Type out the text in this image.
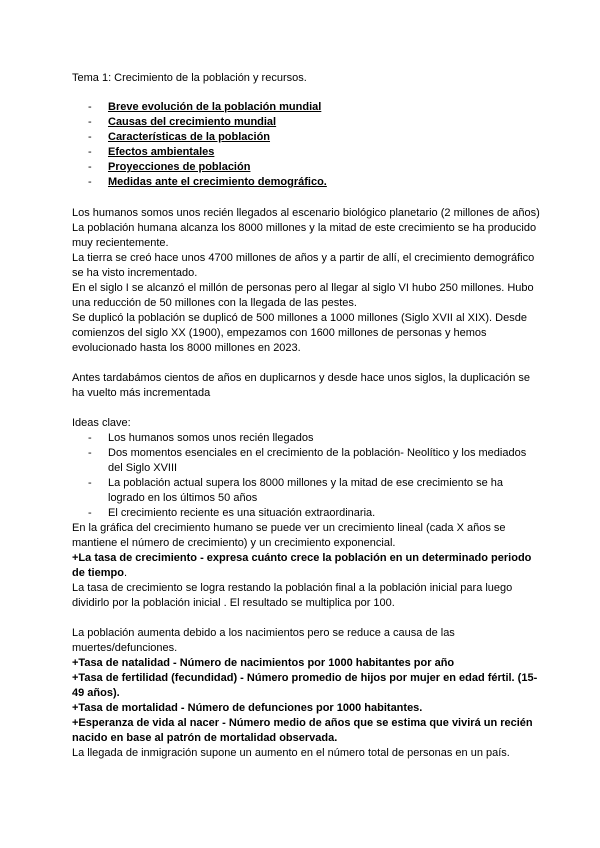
Tema 1: Crecimiento de la población y recursos.

- Breve evolución de la población mundial
- Causas del crecimiento mundial
- Características de la población
- Efectos ambientales
- Proyecciones de población
- Medidas ante el crecimiento demográfico.

Los humanos somos unos recién llegados al escenario biológico planetario (2 millones de años)

La población humana alcanza los 8000 millones y la mitad de este crecimiento se ha producido muy recientemente.

La tierra se creó hace unos 4700 millones de años y a partir de allí, el crecimiento demográfico se ha visto incrementado.

En el siglo I se alcanzó el millón de personas pero al llegar al siglo VI hubo 250 millones. Hubo una reducción de 50 millones con la llegada de las pestes.

Se duplicó la población se duplicó de 500 millones a 1000 millones (Siglo XVII al XIX). Desde comienzos del siglo XX (1900), empezamos con 1600 millones de personas y hemos evolucionado hasta los 8000 millones en 2023.

Antes tardabámos cientos de años en duplicarnos y desde hace unos siglos, la duplicación se ha vuelto más incrementada

Ideas clave:

- Los humanos somos unos recién llegados
- Dos momentos esenciales en el crecimiento de la población- Neolítico y los mediados del Siglo XVIII
- La población actual supera los 8000 millones y la mitad de ese crecimiento se ha logrado en los últimos 50 años
- El crecimiento reciente es una situación extraordinaria.

En la gráfica del crecimiento humano se puede ver un crecimiento lineal (cada X años se mantiene el número de crecimiento) y un crecimiento exponencial.

+La tasa de crecimiento - expresa cuánto crece la población en un determinado periodo de tiempo.

La tasa de crecimiento se logra restando la población final a la población inicial para luego dividirlo por la población inicial . El resultado se multiplica por 100.

La población aumenta debido a los nacimientos pero se reduce a causa de las muertes/defunciones.

+Tasa de natalidad - Número de nacimientos por 1000 habitantes por año

+Tasa de fertilidad (fecundidad) - Número promedio de hijos por mujer en edad fértil. (15-49 años).

+Tasa de mortalidad - Número de defunciones por 1000 habitantes.

+Esperanza de vida al nacer - Número medio de años que se estima que vivirá un recién nacido en base al patrón de mortalidad observada.

La llegada de inmigración supone un aumento en el número total de personas en un país.
